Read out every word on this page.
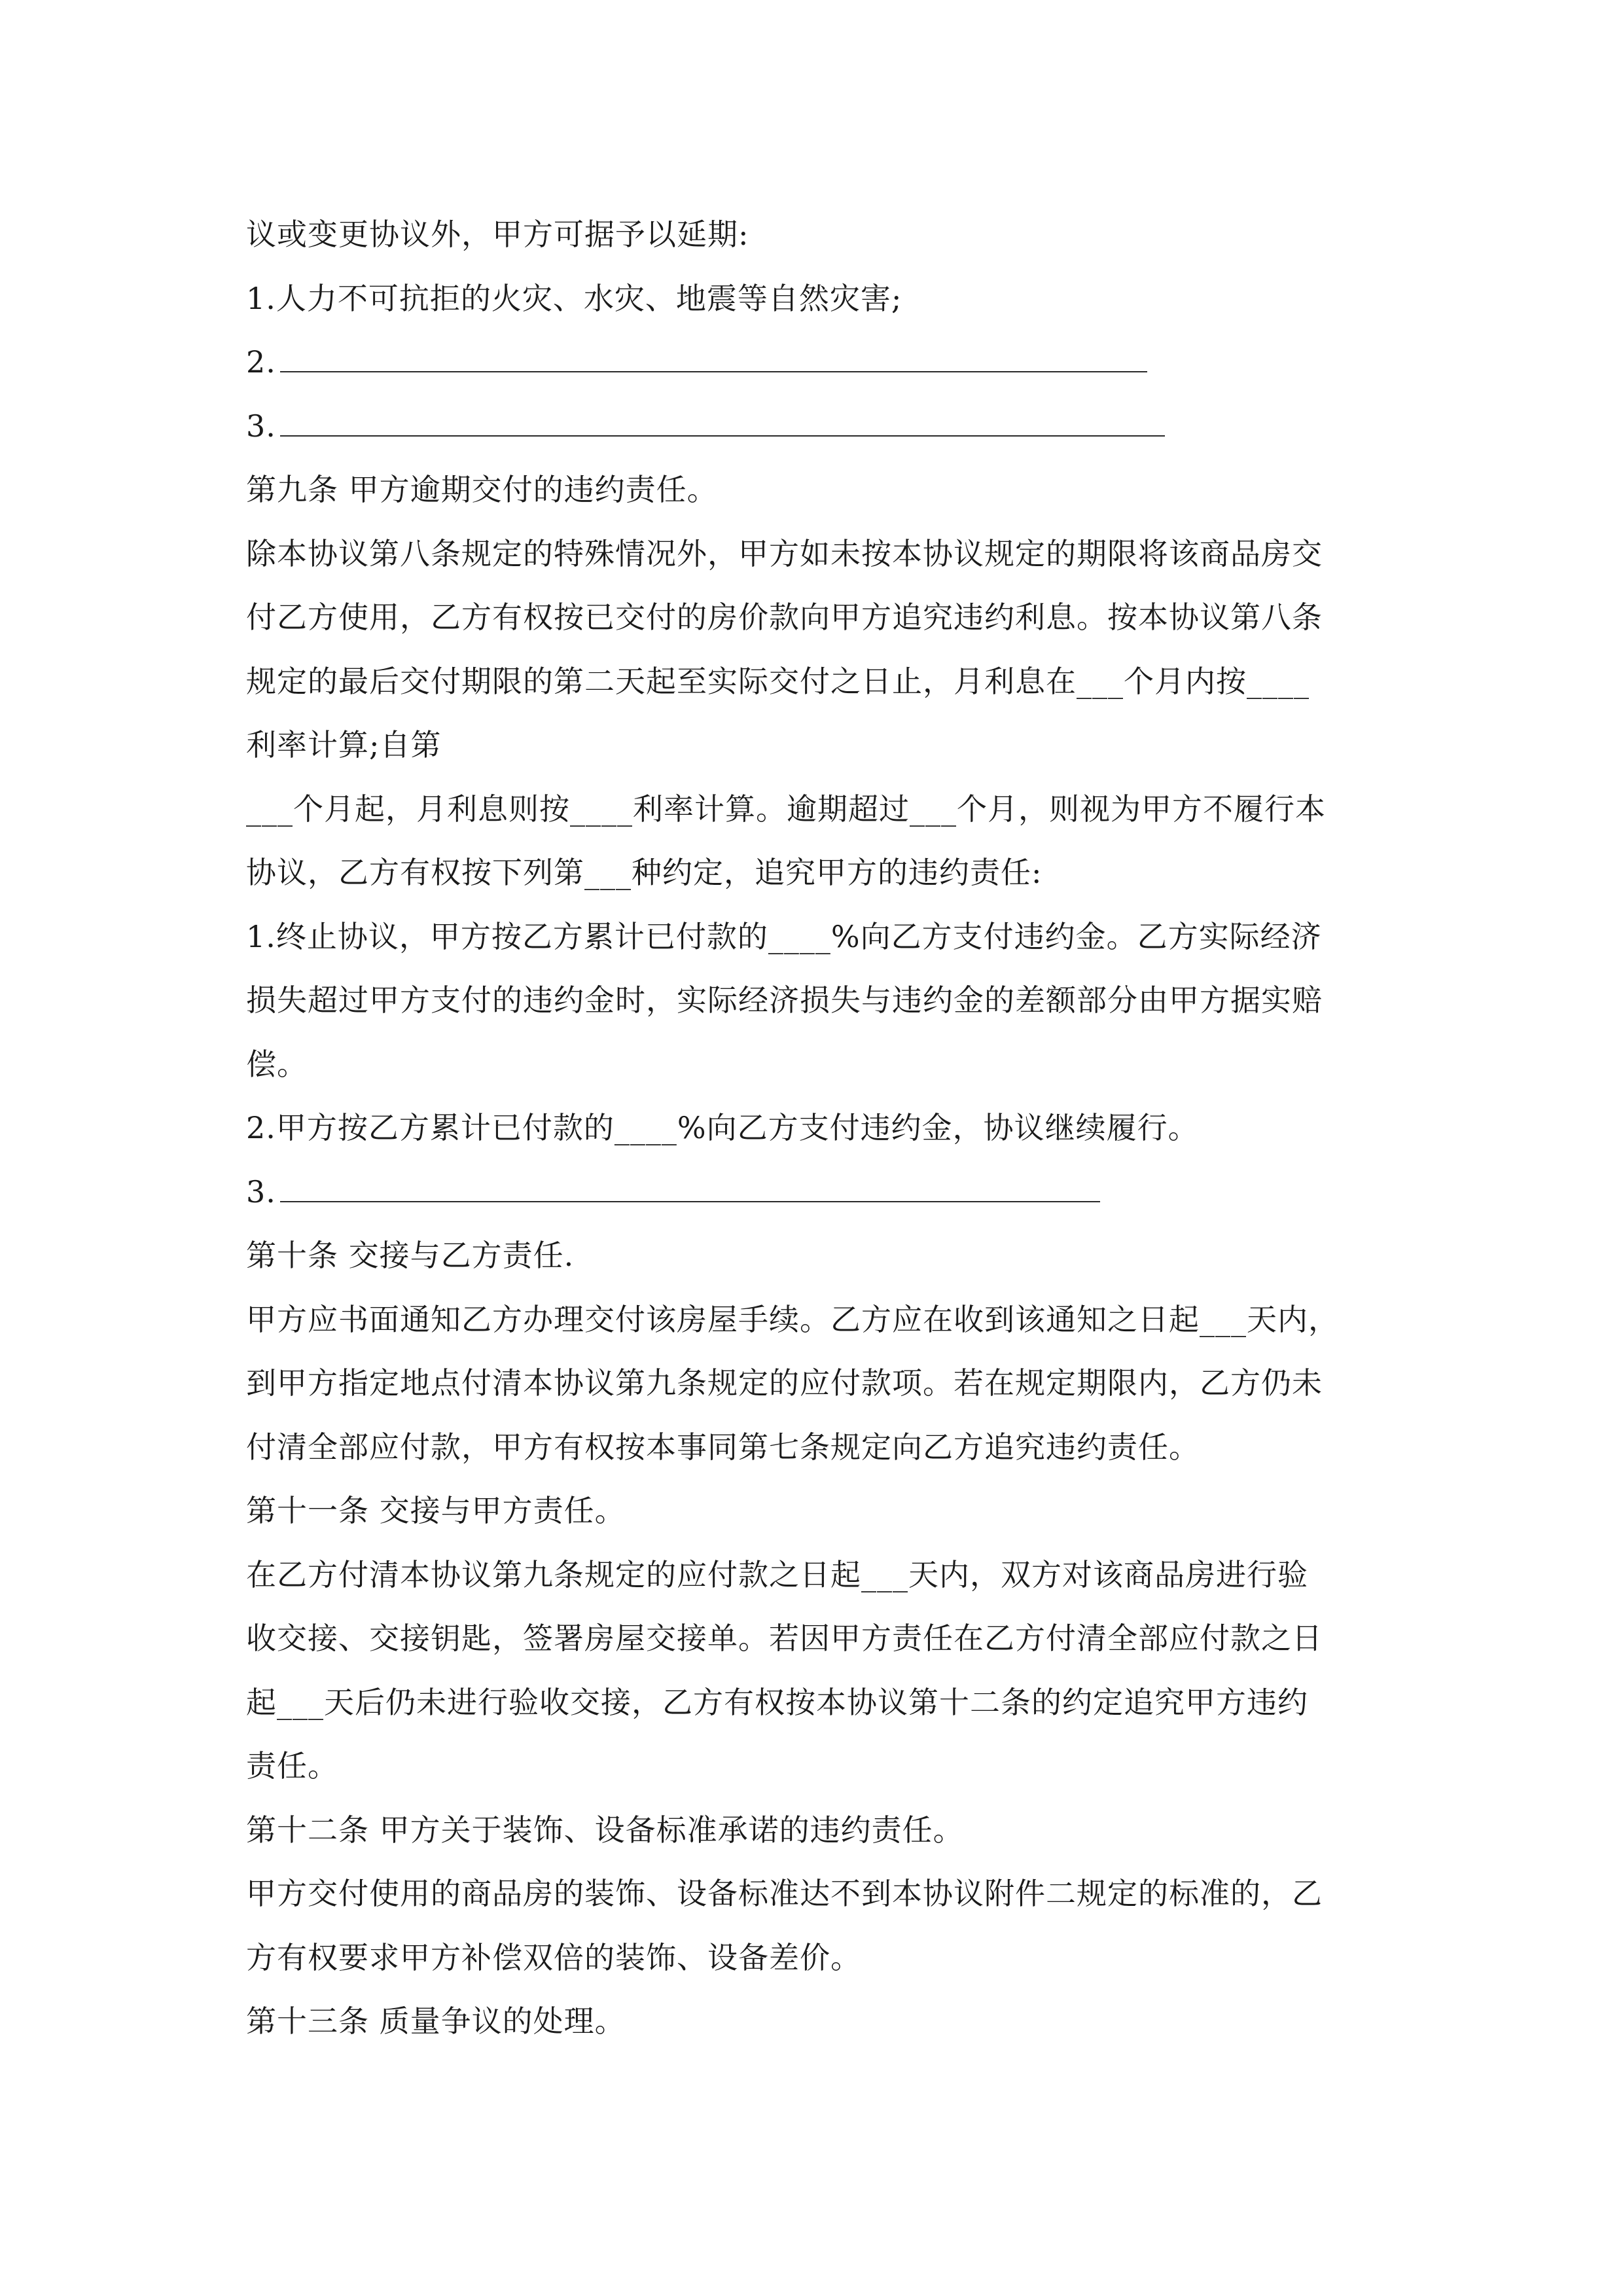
议或变更协议外，甲方可据予以延期:
1.人力不可抗拒的火灾、水灾、地震等自然灾害;
2.
3.
第九条 甲方逾期交付的违约责任。
除本协议第八条规定的特殊情况外，甲方如未按本协议规定的期限将该商品房交
付乙方使用，乙方有权按已交付的房价款向甲方追究违约利息。按本协议第八条
规定的最后交付期限的第二天起至实际交付之日止，月利息在___个月内按____
利率计算;自第
___个月起，月利息则按____利率计算。逾期超过___个月，则视为甲方不履行本
协议，乙方有权按下列第___种约定，追究甲方的违约责任:
1.终止协议，甲方按乙方累计已付款的____%向乙方支付违约金。乙方实际经济
损失超过甲方支付的违约金时，实际经济损失与违约金的差额部分由甲方据实赔
偿。
2.甲方按乙方累计已付款的____%向乙方支付违约金，协议继续履行。
3.
第十条 交接与乙方责任.
甲方应书面通知乙方办理交付该房屋手续。乙方应在收到该通知之日起___天内，
到甲方指定地点付清本协议第九条规定的应付款项。若在规定期限内，乙方仍未
付清全部应付款，甲方有权按本事同第七条规定向乙方追究违约责任。
第十一条 交接与甲方责任。
在乙方付清本协议第九条规定的应付款之日起___天内，双方对该商品房进行验
收交接、交接钥匙，签署房屋交接单。若因甲方责任在乙方付清全部应付款之日
起___天后仍未进行验收交接，乙方有权按本协议第十二条的约定追究甲方违约
责任。
第十二条 甲方关于装饰、设备标准承诺的违约责任。
甲方交付使用的商品房的装饰、设备标准达不到本协议附件二规定的标准的，乙
方有权要求甲方补偿双倍的装饰、设备差价。
第十三条 质量争议的处理。
